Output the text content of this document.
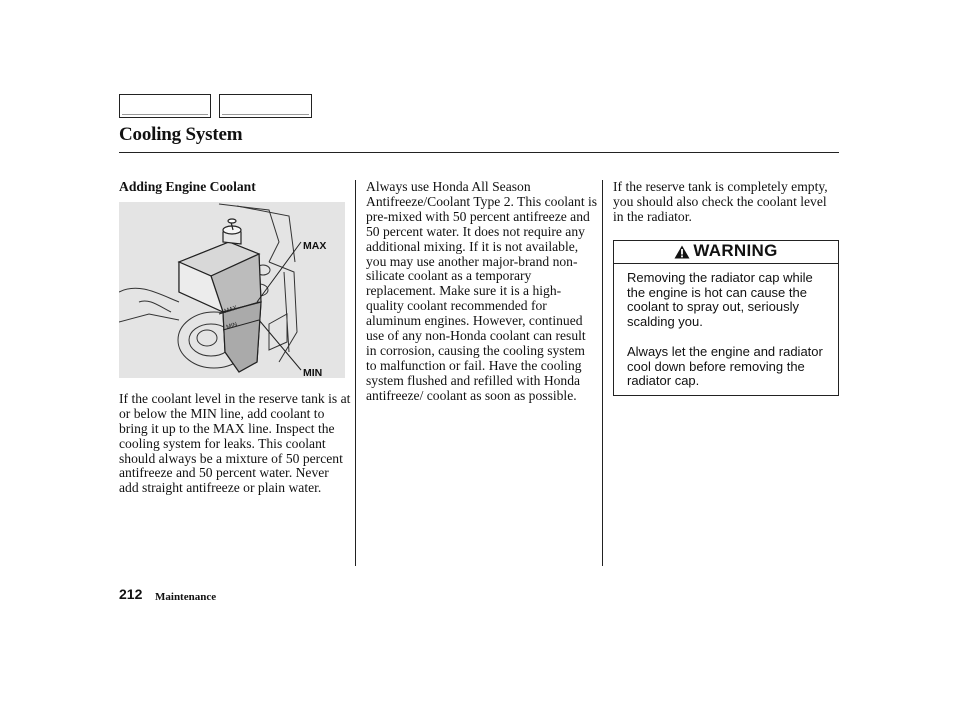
Cooling System
Adding Engine Coolant
MAX
MIN
MAX
MIN

If the coolant level in the reserve tank is at or below the MIN line, add coolant to bring it up to the MAX line. Inspect the cooling system for leaks. This coolant should always be a mixture of 50 percent antifreeze and 50 percent water. Never add straight antifreeze or plain water.

Always use Honda All Season Antifreeze/Coolant Type 2. This coolant is pre-mixed with 50 percent antifreeze and 50 percent water. It does not require any additional mixing. If it is not available, you may use another major-brand non-silicate coolant as a temporary replacement. Make sure it is a high-quality coolant recommended for aluminum engines. However, continued use of any non-Honda coolant can result in corrosion, causing the cooling system to malfunction or fail. Have the cooling system flushed and refilled with Honda antifreeze/ coolant as soon as possible.

If the reserve tank is completely empty, you should also check the coolant level in the radiator.

WARNING

Removing the radiator cap while the engine is hot can cause the coolant to spray out, seriously scalding you.

Always let the engine and radiator cool down before removing the radiator cap.

212 Maintenance
